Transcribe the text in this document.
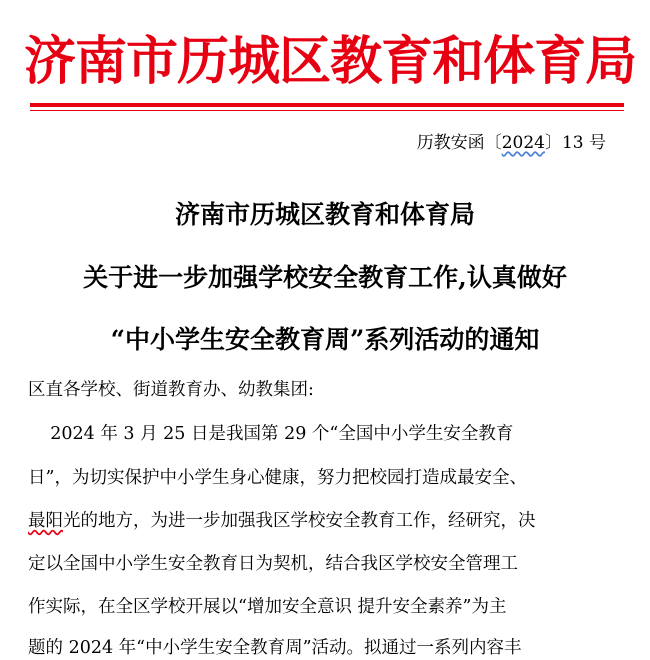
济 南 市 历 城 区 教 育 和 体 育 局
历教安函〔2024〕13 号
济南市历城区教育和体育局
关于进一步加强学校安全教育工作,认真做好
“中小学生安全教育周”系列活动的通知
区直各学校、街道教育办、幼教集团:
2024 年 3 月 25 日是我国第 29 个“全国中小学生安全教育
日”，为切实保护中小学生身心健康，努力把校园打造成最安全、
最阳光的地方，为进一步加强我区学校安全教育工作，经研究，决
定以全国中小学生安全教育日为契机，结合我区学校安全管理工
作实际，在全区学校开展以“增加安全意识 提升安全素养”为主
题的 2024 年“中小学生安全教育周”活动。拟通过一系列内容丰
